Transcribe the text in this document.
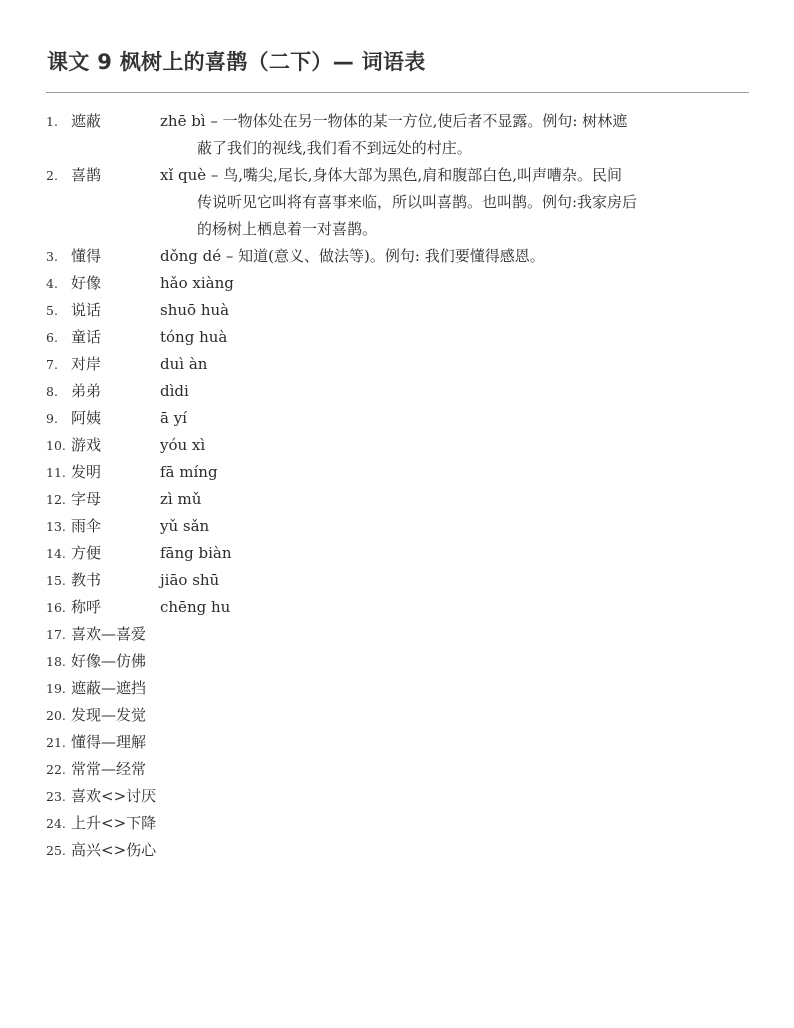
课文 9 枫树上的喜鹊（二下）— 词语表
1. 遮蔽	zhē bì – 一物体处在另一物体的某一方位,使后者不显露。例句: 树林遮
蔽了我们的视线,我们看不到远处的村庄。
2. 喜鹊	xǐ què – 鸟,嘴尖,尾长,身体大部为黑色,肩和腹部白色,叫声嘈杂。民间
传说听见它叫将有喜事来临，所以叫喜鹊。也叫鹊。例句:我家房后
的杨树上栖息着一对喜鹊。
3. 懂得	dǒng dé – 知道(意义、做法等)。例句: 我们要懂得感恩。
4. 好像	hǎo xiàng
5. 说话	shuō huà
6. 童话	tóng huà
7. 对岸	duì àn
8. 弟弟	dìdi
9. 阿姨	ā yí
10. 游戏	yóu xì
11. 发明	fā míng
12. 字母	zì mǔ
13. 雨伞	yǔ sǎn
14. 方便	fāng biàn
15. 教书	jiāo shū
16. 称呼	chēng hu
17. 喜欢—喜爱

18. 好像—仿佛

19. 遮蔽—遮挡

20. 发现—发觉

21. 懂得—理解

22. 常常—经常

23. 喜欢<>讨厌

24. 上升<>下降

25. 高兴<>伤心
